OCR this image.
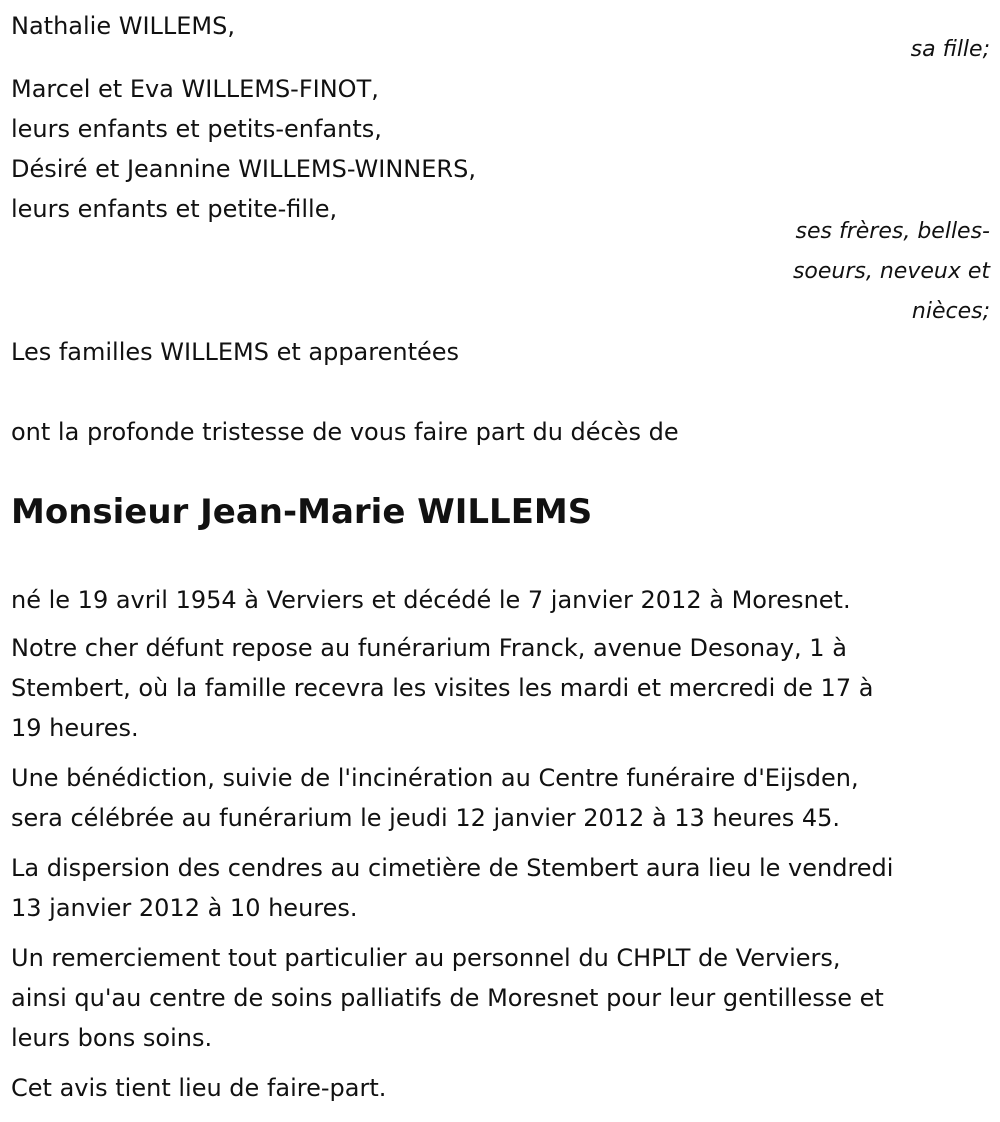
Nathalie WILLEMS,
sa fille;
Marcel et Eva WILLEMS-FINOT,
leurs enfants et petits-enfants,
Désiré et Jeannine WILLEMS-WINNERS,
leurs enfants et petite-fille,
ses frères, belles-
soeurs, neveux et
nièces;
Les familles WILLEMS et apparentées
ont la profonde tristesse de vous faire part du décès de
Monsieur Jean-Marie WILLEMS
né le 19 avril 1954 à Verviers et décédé le 7 janvier 2012 à Moresnet.
Notre cher défunt repose au funérarium Franck, avenue Desonay, 1 à
Stembert, où la famille recevra les visites les mardi et mercredi de 17 à
19 heures.
Une bénédiction, suivie de l'incinération au Centre funéraire d'Eijsden,
sera célébrée au funérarium le jeudi 12 janvier 2012 à 13 heures 45.
La dispersion des cendres au cimetière de Stembert aura lieu le vendredi
13 janvier 2012 à 10 heures.
Un remerciement tout particulier au personnel du CHPLT de Verviers,
ainsi qu'au centre de soins palliatifs de Moresnet pour leur gentillesse et
leurs bons soins.
Cet avis tient lieu de faire-part.
